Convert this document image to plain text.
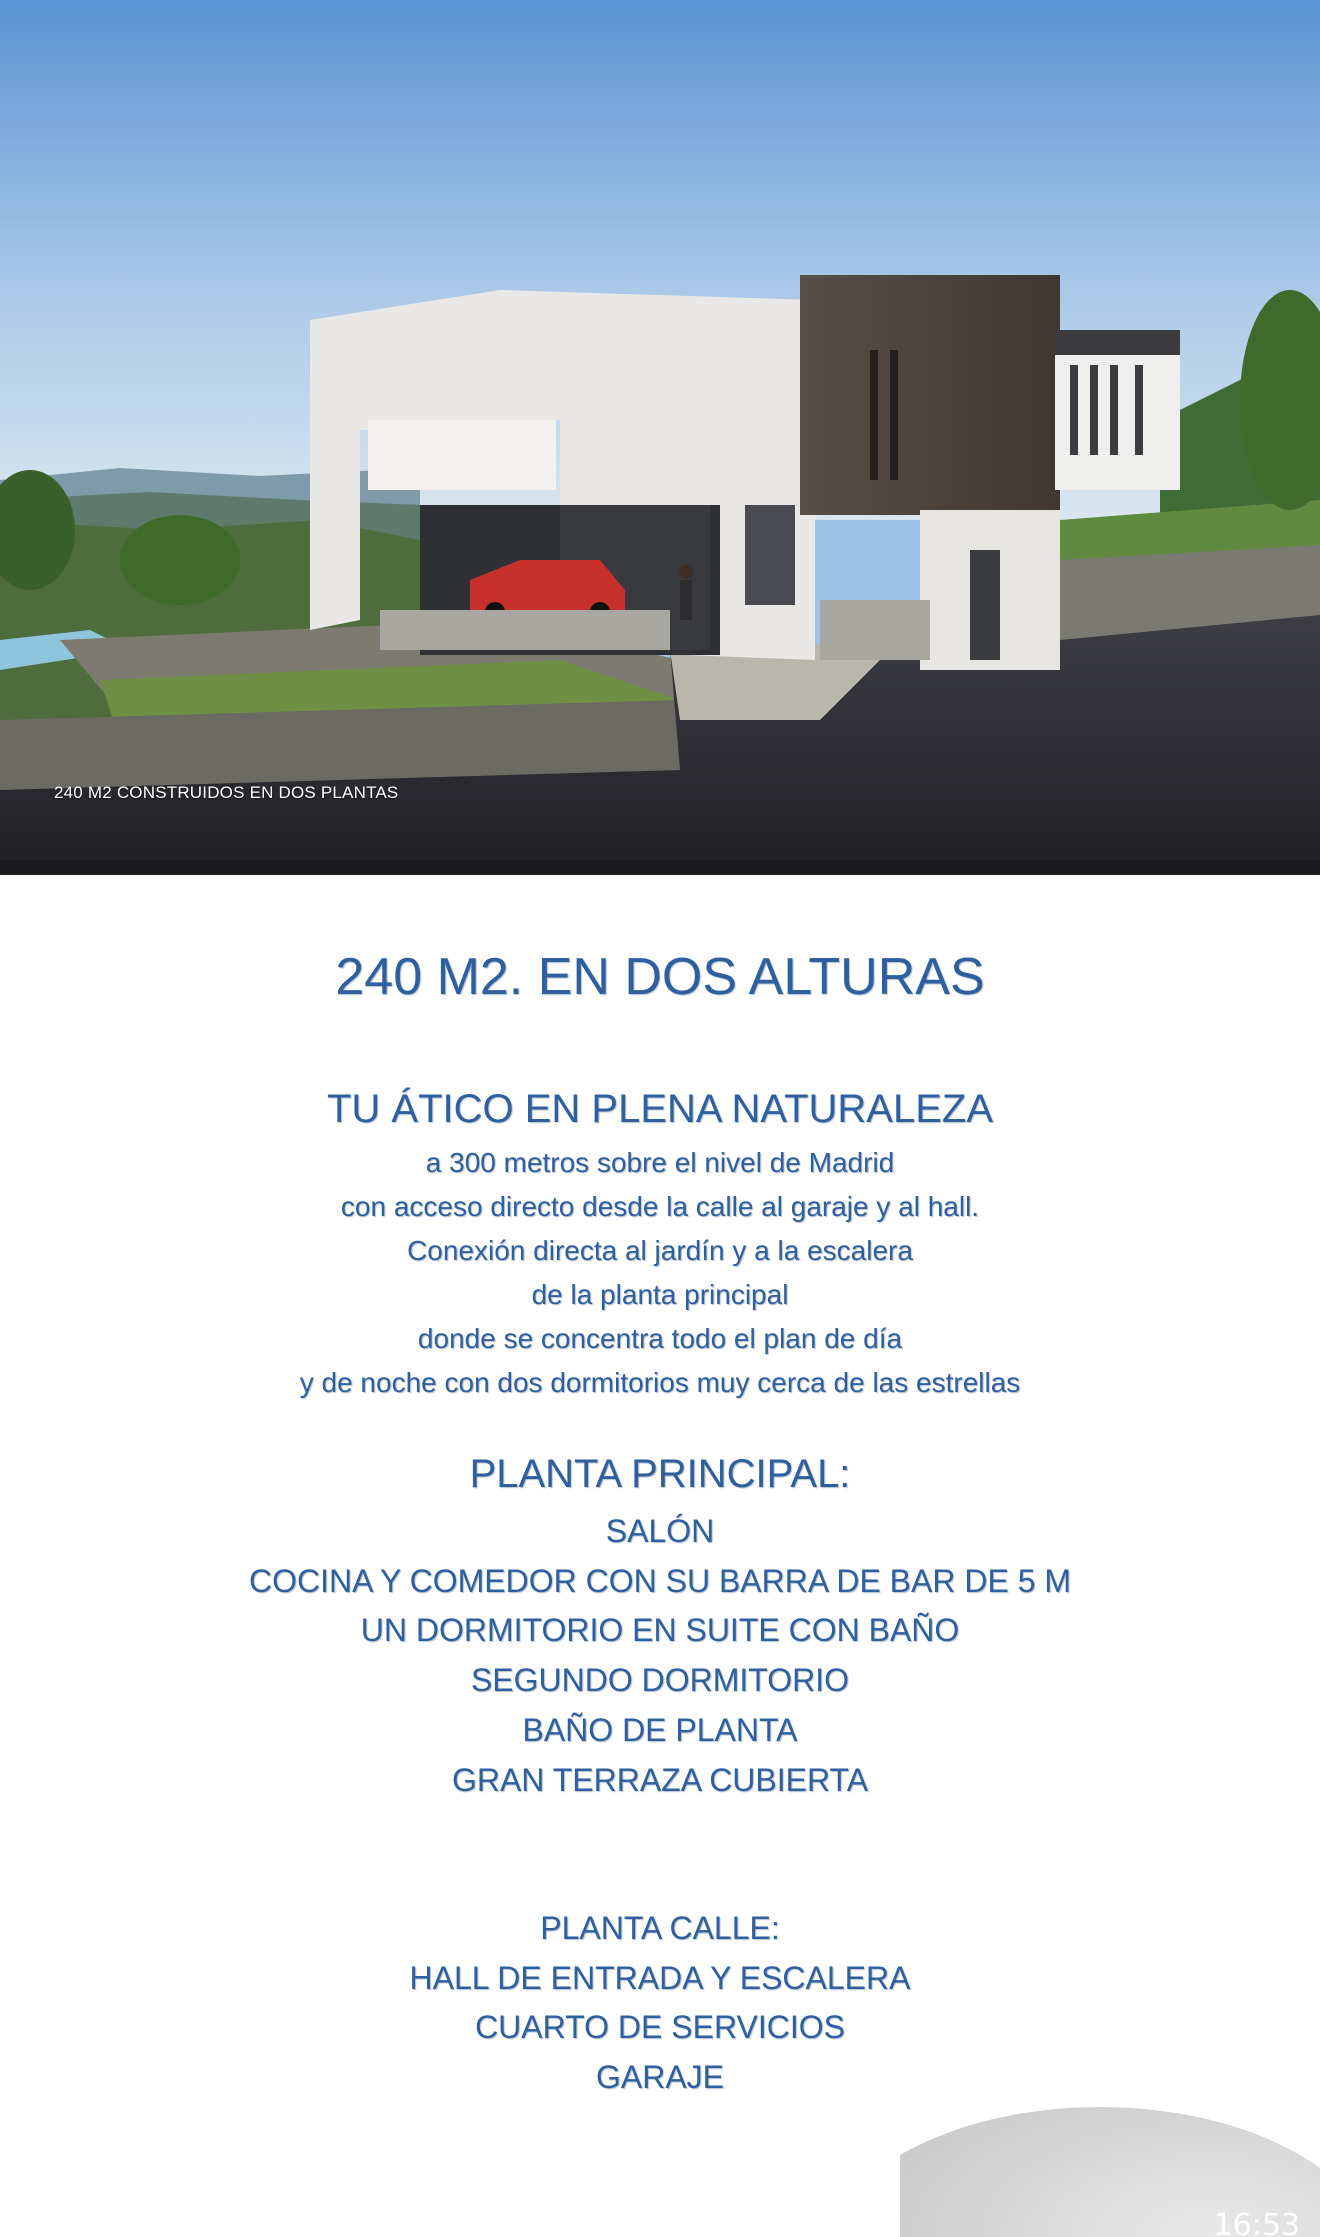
240 M2 CONSTRUIDOS EN DOS PLANTAS
240 M2. EN DOS ALTURAS
TU ÁTICO EN PLENA NATURALEZA
a 300 metros sobre el nivel de Madrid
con acceso directo desde la calle al garaje y al hall.
Conexión directa al jardín y a la escalera
de la planta principal
donde se concentra todo el plan de día
y de noche con dos dormitorios muy cerca de las estrellas
PLANTA PRINCIPAL:
SALÓN
COCINA Y COMEDOR CON SU BARRA DE BAR DE 5 M
UN DORMITORIO EN SUITE CON BAÑO
SEGUNDO DORMITORIO
BAÑO DE PLANTA
GRAN TERRAZA CUBIERTA
PLANTA CALLE:
HALL DE ENTRADA Y ESCALERA
CUARTO DE SERVICIOS
GARAJE
16:53
